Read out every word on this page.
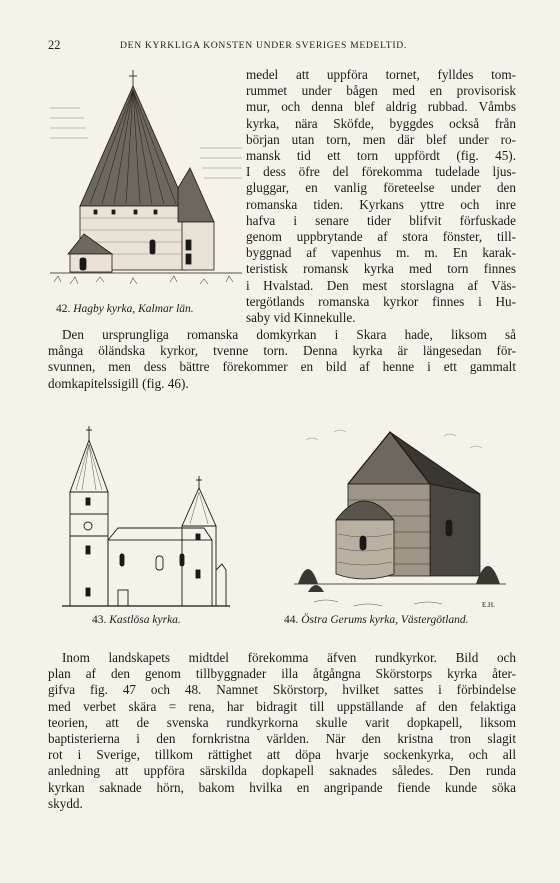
22	DEN KYRKLIGA KONSTEN UNDER SVERIGES MEDELTID.
42. Hagby kyrka, Kalmar län.
medel att uppföra tornet, fylldes tom-
rummet under bågen med en provisorisk
mur, och denna blef aldrig rubbad. Våmbs
kyrka, nära Sköfde, byggdes också från
början utan torn, men där blef under ro-
mansk tid ett torn uppfördt (fig. 45).
I dess öfre del förekomma tudelade ljus-
gluggar, en vanlig företeelse under den
romanska tiden. Kyrkans yttre och inre
hafva i senare tider blifvit förfuskade
genom uppbrytande af stora fönster, till-
byggnad af vapenhus m. m. En karak-
teristisk romansk kyrka med torn finnes
i Hvalstad. Den mest storslagna af Väs-
tergötlands romanska kyrkor finnes i Hu-
saby vid Kinnekulle.
Den ursprungliga romanska domkyrkan i Skara hade, liksom så
många öländska kyrkor, tvenne torn. Denna kyrka är längesedan för-
svunnen, men dess bättre förekommer en bild af henne i ett gammalt
domkapitelssigill (fig. 46).
43. Kastlösa kyrka.
E.H.
44. Östra Gerums kyrka, Västergötland.
Inom landskapets midtdel förekomma äfven rundkyrkor. Bild och
plan af den genom tillbyggnader illa åtgångna Skörstorps kyrka åter-
gifva fig. 47 och 48. Namnet Skörstorp, hvilket sattes i förbindelse
med verbet skära = rena, har bidragit till uppställande af den felaktiga
teorien, att de svenska rundkyrkorna skulle varit dopkapell, liksom
baptisterierna i den fornkristna världen. När den kristna tron slagit
rot i Sverige, tillkom rättighet att döpa hvarje sockenkyrka, och all
anledning att uppföra särskilda dopkapell saknades således. Den runda
kyrkan saknade hörn, bakom hvilka en angripande fiende kunde söka
skydd.
